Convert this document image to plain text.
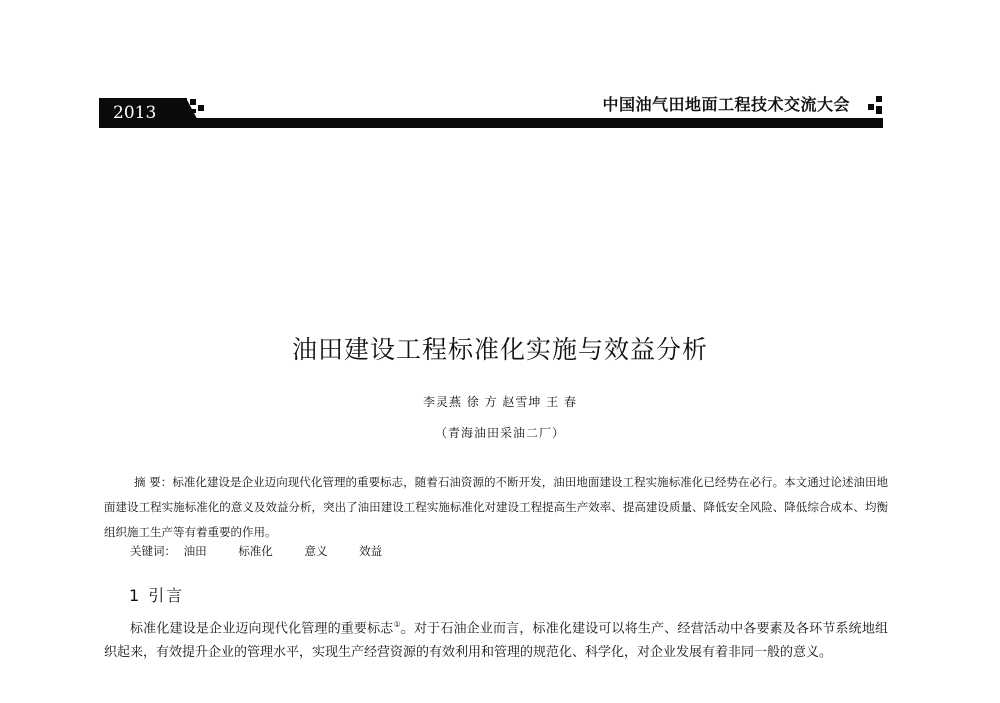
2013	中国油气田地面工程技术交流大会
油田建设工程标准化实施与效益分析
李灵燕 徐 方 赵雪坤 王 春
（青海油田采油二厂）
摘 要：标准化建设是企业迈向现代化管理的重要标志，随着石油资源的不断开发，油田地面建设工程实施标准化已经势在必行。本文通过论述油田地面建设工程实施标准化的意义及效益分析，突出了油田建设工程实施标准化对建设工程提高生产效率、提高建设质量、降低安全风险、降低综合成本、均衡组织施工生产等有着重要的作用。
关键词： 油田	标准化	意义	效益
1 引言
标准化建设是企业迈向现代化管理的重要标志①。对于石油企业而言，标准化建设可以将生产、经营活动中各要素及各环节系统地组织起来，有效提升企业的管理水平，实现生产经营资源的有效利用和管理的规范化、科学化，对企业发展有着非同一般的意义。
